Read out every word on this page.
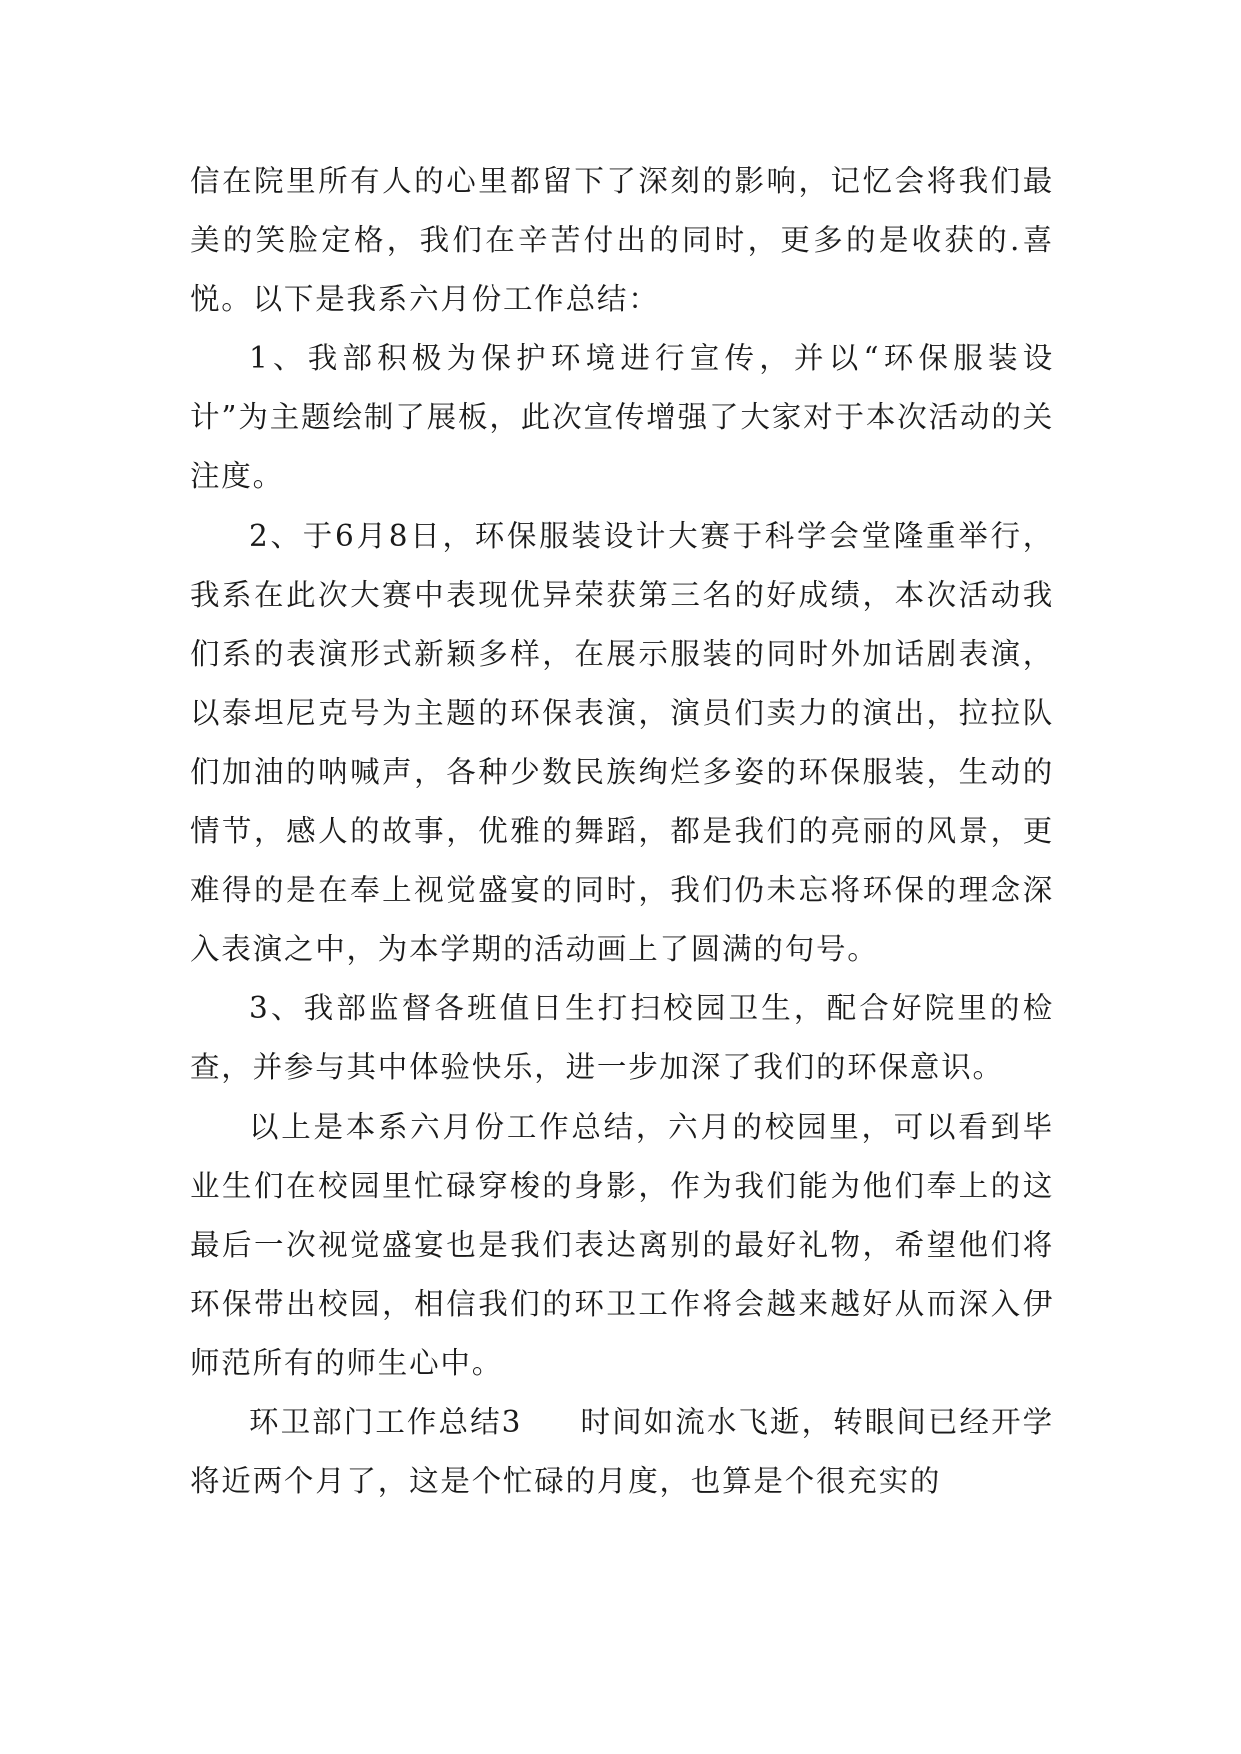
信在院里所有人的心里都留下了深刻的影响，记忆会将我们最美的笑脸定格，我们在辛苦付出的同时，更多的是收获的.喜悦。以下是我系六月份工作总结：

1、我部积极为保护环境进行宣传，并以“环保服装设计”为主题绘制了展板，此次宣传增强了大家对于本次活动的关注度。

2、于6月8日，环保服装设计大赛于科学会堂隆重举行，我系在此次大赛中表现优异荣获第三名的好成绩，本次活动我们系的表演形式新颖多样，在展示服装的同时外加话剧表演，以泰坦尼克号为主题的环保表演，演员们卖力的演出，拉拉队们加油的呐喊声，各种少数民族绚烂多姿的环保服装，生动的情节，感人的故事，优雅的舞蹈，都是我们的亮丽的风景，更难得的是在奉上视觉盛宴的同时，我们仍未忘将环保的理念深入表演之中，为本学期的活动画上了圆满的句号。

3、我部监督各班值日生打扫校园卫生，配合好院里的检查，并参与其中体验快乐，进一步加深了我们的环保意识。

以上是本系六月份工作总结，六月的校园里，可以看到毕业生们在校园里忙碌穿梭的身影，作为我们能为他们奉上的这最后一次视觉盛宴也是我们表达离别的最好礼物，希望他们将环保带出校园，相信我们的环卫工作将会越来越好从而深入伊师范所有的师生心中。

环卫部门工作总结3 时间如流水飞逝，转眼间已经开学将近两个月了，这是个忙碌的月度，也算是个很充实的
